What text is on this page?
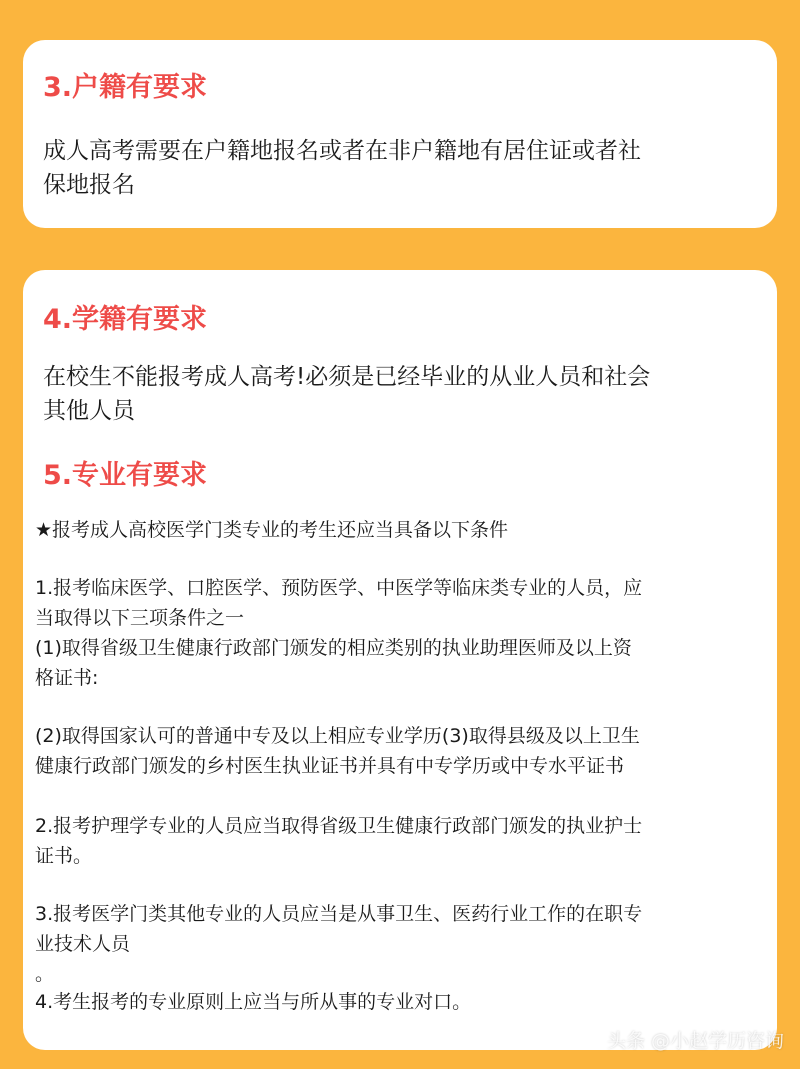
3.户籍有要求

成人高考需要在户籍地报名或者在非户籍地有居住证或者社

保地报名

4.学籍有要求

在校生不能报考成人高考!必须是已经毕业的从业人员和社会

其他人员

5.专业有要求

★报考成人高校医学门类专业的考生还应当具备以下条件

1.报考临床医学、口腔医学、预防医学、中医学等临床类专业的人员，应

当取得以下三项条件之一

(1)取得省级卫生健康行政部门颁发的相应类别的执业助理医师及以上资

格证书:

(2)取得国家认可的普通中专及以上相应专业学历(3)取得县级及以上卫生

健康行政部门颁发的乡村医生执业证书并具有中专学历或中专水平证书

2.报考护理学专业的人员应当取得省级卫生健康行政部门颁发的执业护士

证书。

3.报考医学门类其他专业的人员应当是从事卫生、医药行业工作的在职专

业技术人员

。

4.考生报考的专业原则上应当与所从事的专业对口。

头条 @小赵学历咨询
